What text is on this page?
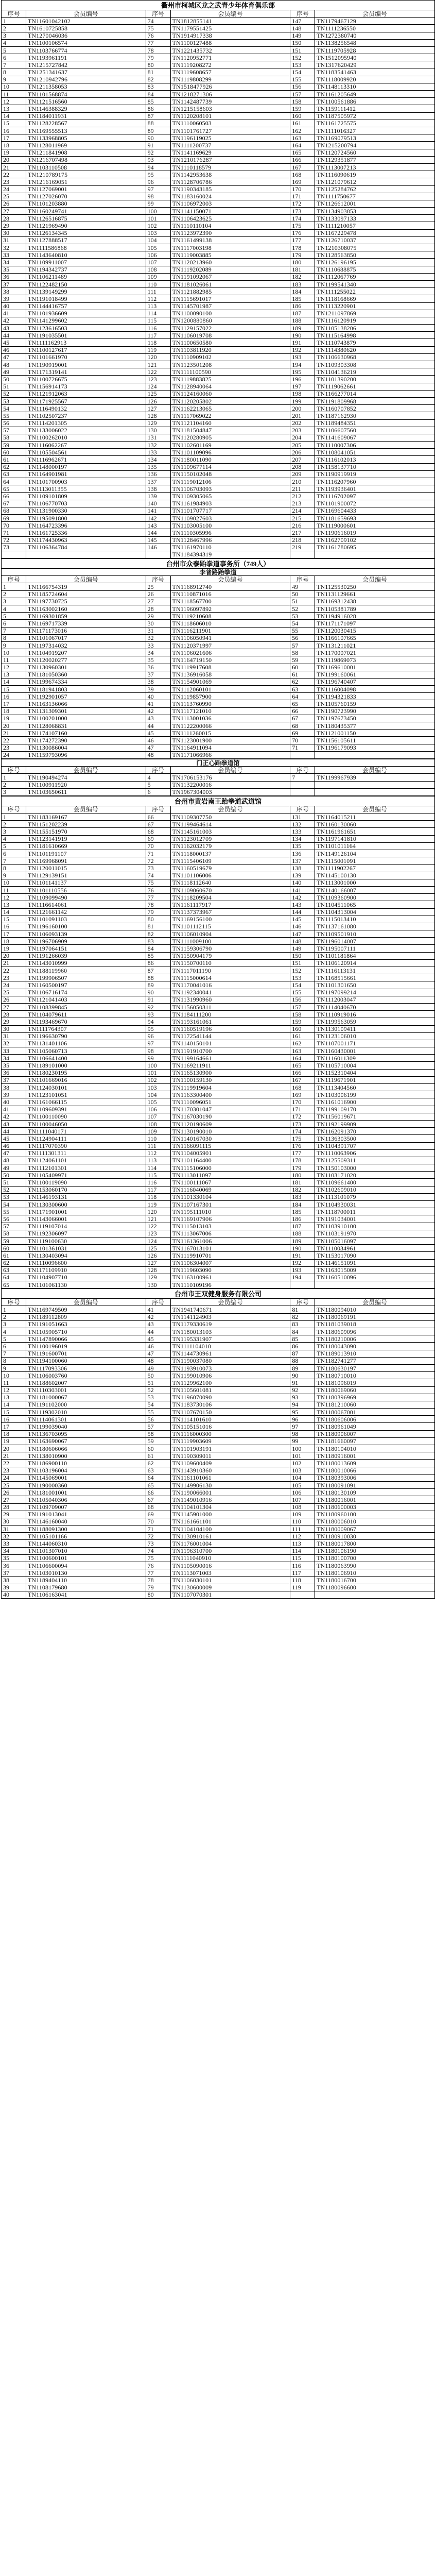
衢州市柯城区龙之武青少年体育俱乐部
序号	会员编号	序号	会员编号	序号	会员编号
1	TN11601042102	74	TN1812855141	147	TN1179467129
2	TN1610725858	75	TN1179551425	148	TN1111236550
3	TN1270046036	76	TN1914917338	149	TN1272380740
4	TN1100106574	77	TN1100127488	150	TN1138256548
5	TN1103766774	78	TN1221435732	151	TN1119705928
6	TN1193961191	79	TN1120952771	152	TN1512095940
7	TN1215727842	80	TN1119208272	153	TN1317620429
8	TN1251341637	81	TN1119608657	154	TN1183541463
9	TN1210942796	82	TN1119808299	155	TN1118009920
10	TN1211358053	83	TN1518477926	156	TN1148113310
11	TN1101568874	84	TN1218271306	157	TN1161205649
12	TN1121516560	85	TN1142487739	158	TN1100561886
13	TN1146388329	86	TN1215158603	159	TN1159111412
14	TN1184011931	87	TN1120208101	160	TN1187505972
15	TN1128228567	88	TN1110060503	161	TN1161725575
16	TN1169555513	89	TN1101761727	162	TN1111016327
17	TN1133968805	90	TN1196119025	163	TN1169079513
18	TN1128011969	91	TN1111200737	164	TN1215200794
19	TN1211841908	92	TN1141169629	165	TN1120724560
20	TN1216707498	93	TN1210176287	166	TN1129351877
21	TN1103110508	94	TN1110118579	167	TN1113007213
22	TN1210789175	95	TN1142953638	168	TN1116090619
23	TN1216169051	96	TN1128706786	169	TN1121079612
24	TN1127069001	97	TN1190343185	170	TN1125284762
25	TN1127026070	98	TN1183160024	171	TN1111750677
26	TN1101203880	99	TN1106972003	172	TN1126612001
27	TN1160249741	100	TN1141150071	173	TN1134903853
28	TN1126516875	101	TN1106423625	174	TN1133097133
29	TN1121969490	102	TN1110110104	175	TN1111210057
30	TN1126134345	103	TN1123972390	176	TN1167229478
31	TN1127888517	104	TN1161499138	177	TN1126710037
32	TN1111586868	105	TN1117003198	178	TN1210308075
33	TN1143640810	106	TN1119003885	179	TN1128563850
34	TN1109911007	107	TN1120213960	180	TN1126196195
35	TN1194342737	108	TN1119202089	181	TN1110688875
36	TN1106211489	109	TN1191092067	182	TN1112067769
37	TN1122482150	110	TN1181026061	183	TN1199541340
38	TN1139149299	111	TN1121882985	184	TN1111255022
39	TN1191018499	112	TN1115691017	185	TN1118168669
40	TN1144416757	113	TN1145701987	186	TN1113220901
41	TN1101936609	114	TN1100090100	187	TN1211097869
42	TN1141299602	115	TN1200880860	188	TN1116120919
43	TN1123616503	116	TN1129157022	189	TN1105138206
44	TN1191035501	117	TN1106019708	190	TN1115164998
45	TN1111162913	118	TN1100650580	191	TN1110743879
46	TN1100127617	119	TN1103811920	192	TN1114380620
47	TN1101661970	120	TN1110909102	193	TN1106630968
48	TN1190919001	121	TN1123501208	194	TN1109303308
49	TN1171319141	122	TN1111100590	195	TN1104136219
50	TN1100726675	123	TN1119883825	196	TN1101390200
51	TN1156914173	124	TN1128940064	197	TN1119062661
52	TN1121912063	125	TN1124160060	198	TN1166277014
53	TN1171925567	126	TN1120205802	199	TN1191809968
54	TN1116490132	127	TN1162213065	200	TN1160707852
55	TN1102507237	128	TN1117069022	201	TN1187162930
56	TN1114201305	129	TN1121104160	202	TN1189484351
57	TN1133006022	130	TN1181504847	203	TN1106607560
58	TN1100262010	131	TN1120280905	204	TN1141609067
59	TN1116062267	132	TN1102601169	205	TN1110007306
60	TN1105504561	133	TN1101109096	206	TN1108041051
61	TN1116962671	134	TN1180011090	207	TN1116102013
62	TN1148000197	135	TN1109677114	208	TN1158137710
63	TN1164901981	136	TN1150102048	209	TN1190919919
64	TN1101700903	137	TN1119012106	210	TN1116207960
65	TN1113011355	138	TN1106703093	211	TN1193936401
66	TN1109101809	139	TN1109305065	212	TN1116702097
67	TN1106770703	140	TN1161984903	213	TN1101900072
68	TN1131900330	141	TN1101707717	214	TN1169604433
69	TN1195091800	142	TN1109027603	215	TN1181659693
70	TN1164723396	143	TN1103005100	216	TN1119000601
71	TN1161725336	144	TN1110305996	217	TN1190616019
72	TN1174430963	145	TN1128467996	218	TN1162709102
73	TN1106364784	146	TN1161970110	219	TN1161780695
			TN1184394319		
台州市众泰跆拳道事务所（749人）
李普路跆拳道					
序号	会员编号	序号	会员编号	序号	会员编号
1	TN1166754319	25	TN1168912740	49	TN1125530250
2	TN1185724604	26	TN1110871016	50	TN1131129661
3	TN1197730725	27	TN1118567700	51	TN1169312438
4	TN1163002160	28	TN1196097892	52	TN1105381789
5	TN1169301859	29	TN1119210608	53	TN1194916028
6	TN1169717339	30	TN1118606010	54	TN1171171097
7	TN1171173016	31	TN1116211901	55	TN1120030415
8	TN1101067017	32	TN1106050941	56	TN1166107665
9	TN1197314032	33	TN1120371997	57	TN1131211021
10	TN1104919207	34	TN1106021606	58	TN1170007021
11	TN1120020277	35	TN1164719150	59	TN1119869073
12	TN1130960301	36	TN1119917608	60	TN1169610001
13	TN1181050360	37	TN1136916058	61	TN1199160061
14	TN1199674334	38	TN1154901069	62	TN1196740407
15	TN1181941803	39	TN1112060101	63	TN1116004098
16	TN1192901057	40	TN1119857900	64	TN1194321833
17	TN1163136066	41	TN1113760990	65	TN1105760159
18	TN1131309301	42	TN1117121010	66	TN1190723990
19	TN1100201000	43	TN1113001036	67	TN1197673450
20	TN1128068831	44	TN1122200066	68	TN1180435377
21	TN1174107160	45	TN1111260015	69	TN1121001150
22	TN1174272390	46	TN1123001900	70	TN1156105611
23	TN1130086004	47	TN1164911094	71	TN1196179093
24	TN1159793096	48	TN1171066966		
门正心跆拳道馆					
序号	会员编号	序号	会员编号	序号	会员编号
1	TN1190494274	4	TN1706153176	7	TN1199967939
2	TN1100911920	5	TN1132200016		
3	TN1103650611	6	TN1967304003		
台州市黄岩南王跆拳道武道馆
序号	会员编号	序号	会员编号	序号	会员编号
1	TN1183169167	66	TN1109307750	131	TN1164015211
2	TN1151202239	67	TN1199464614	132	TN1160130060
3	TN1155151970	68	TN1145161003	133	TN1161961651
4	TN1123141919	69	TN1123012709	134	TN1197141810
5	TN1181610669	70	TN1162032179	135	TN1101011164
6	TN1101191107	71	TN1118000137	136	TN1149126104
7	TN1169968091	72	TN1115406109	137	TN1115001091
8	TN1120011015	73	TN1160519679	138	TN1111902267
9	TN1129139151	74	TN1101106006	139	TN1145100130
10	TN1101141137	75	TN1118112640	140	TN1113001000
11	TN1101110556	76	TN1109060670	141	TN1140166007
12	TN1109099490	77	TN1118209504	142	TN1109360900
13	TN1116614061	78	TN1161117917	143	TN1104511065
14	TN1121661142	79	TN1137373967	144	TN1104313004
15	TN1101091103	80	TN1169156100	145	TN1115013410
16	TN1196160100	81	TN1101112115	146	TN1137161080
17	TN1106093139	82	TN1106010904	147	TN1109501910
18	TN1196706909	83	TN1111009100	148	TN1196014007
19	TN1197064151	84	TN1159306790	149	TN1195007111
20	TN1191266039	85	TN1150904179	150	TN1101181864
21	TN1143010999	86	TN1150700110	151	TN1106120914
22	TN1188119960	87	TN1117011190	152	TN1116113131
23	TN1199906507	88	TN1115000614	153	TN1168515661
24	TN1160500197	89	TN1170041016	154	TN1101301650
25	TN1106716174	90	TN1192340041	155	TN1197099214
26	TN1121041403	91	TN1131990960	156	TN1112003047
27	TN1108399845	92	TN1156050311	157	TN1114040670
28	TN1104079611	93	TN1184111200	158	TN1110919016
29	TN1193469670	94	TN1193161061	159	TN1199563059
30	TN1111764307	95	TN1160519196	160	TN1130109411
31	TN1196630790	96	TN1172541144	161	TN1123106010
32	TN1131401106	97	TN1140150101	162	TN1107001171
33	TN1105060713	98	TN1191910700	163	TN1160430001
34	TN1106641400	99	TN1199164661	164	TN1116011309
35	TN1189101000	100	TN1169211911	165	TN1105710004
36	TN1180230195	101	TN1165130900	166	TN1152310404
37	TN1101669016	102	TN1100159130	167	TN1119671901
38	TN1124030101	103	TN1119919604	168	TN1113404560
39	TN1123101051	104	TN1163300400	169	TN1103006199
40	TN1161066115	105	TN1110096051	170	TN1161016900
41	TN1109609391	106	TN1170301047	171	TN1199109170
42	TN1100110090	107	TN1167030190	172	TN1156019671
43	TN1100046050	108	TN1120190609	173	TN1192199909
44	TN1111040171	109	TN1130190010	174	TN1162091370
45	TN1124904111	110	TN1140167030	175	TN1136303500
46	TN1117070390	111	TN1166091115	176	TN1104391707
47	TN1111301311	112	TN1104005901	177	TN1110063906
48	TN1124061101	113	TN1101164400	178	TN1125509311
49	TN1112101301	114	TN1115106000	179	TN1150103000
50	TN1105409971	115	TN1113011097	180	TN1103171020
51	TN1100119090	116	TN1100111067	181	TN1109661400
52	TN1153060170	117	TN1116040069	182	TN1102609010
53	TN1146193131	118	TN1101330104	183	TN1113101079
54	TN1130300600	119	TN1107167301	184	TN1104930031
55	TN1171901001	120	TN1195111010	185	TN1118700011
56	TN1143066001	121	TN1169107906	186	TN1191034001
57	TN1119107014	122	TN1115013103	187	TN1103910100
58	TN1192306097	123	TN1113067006	188	TN1103191970
59	TN1119100630	124	TN1161361006	189	TN1105016097
60	TN1101361031	125	TN1167013101	190	TN1110034961
61	TN1130403094	126	TN1119910701	191	TN1153017090
62	TN1110096600	127	TN1106304007	192	TN1146151091
63	TN1171109910	128	TN1119603090	193	TN1163015009
64	TN1104907710	129	TN1163100961	194	TN1160510096
65	TN1101061130	130	TN1110109196		
台州市王双健身服务有限公司
序号	会员编号	序号	会员编号	序号	会员编号
1	TN1169749509	41	TN1941740671	81	TN1180094010
2	TN1189112809	42	TN1141124903	82	TN1180069191
3	TN1191051663	43	TN1179330619	83	TN1181039018
4	TN1105905710	44	TN1180013103	84	TN1180609096
5	TN1147890066	45	TN1195331907	85	TN1180210006
6	TN1100196019	46	TN1111104010	86	TN1180043090
7	TN1191600701	47	TN1144730961	87	TN1189013910
8	TN1194100060	48	TN1190037080	88	TN1182741277
9	TN1117093306	49	TN1193910073	89	TN1180630197
10	TN1106003760	50	TN1199010906	90	TN1180710010
11	TN1188602007	51	TN1129962100	91	TN1181096019
12	TN1110303001	52	TN1105601081	92	TN1180069060
13	TN1181000067	53	TN1196070090	93	TN1180396969
14	TN1191102000	54	TN1183730106	94	TN1181210060
15	TN1119302010	55	TN1107670150	95	TN1180067001
16	TN1114061301	56	TN1114101610	96	TN1180606006
17	TN1199039040	57	TN1105151016	97	TN1180961049
18	TN1136703095	58	TN1116000300	98	TN1180906007
19	TN1163690067	59	TN1119903609	99	TN1181660097
20	TN1180606066	60	TN1101903191	100	TN1180104010
21	TN1138010900	61	TN1190309011	101	TN1180916001
22	TN1186900110	62	TN1109600409	102	TN1180013609
23	TN1103196004	63	TN1143910360	103	TN1180010066
24	TN1145069001	64	TN1161101061	104	TN1180393006
25	TN1190000360	65	TN1149906130	105	TN1180091091
26	TN1181001001	66	TN1190066001	106	TN1180130109
27	TN1105040306	67	TN1149010916	107	TN1180016001
28	TN1109709007	68	TN1104101304	108	TN1180600003
29	TN1191013041	69	TN1145901000	109	TN1180960100
30	TN1146160040	70	TN1161661101	110	TN1180006010
31	TN1188091300	71	TN1104104100	111	TN1180009067
32	TN1105101166	72	TN1130910161	112	TN1180910030
33	TN1144060310	73	TN1176001004	113	TN1180017800
34	TN1101307010	74	TN1196310700	114	TN1180106190
35	TN1100600101	75	TN1111040910	115	TN1180100700
36	TN1106600094	76	TN1105090016	116	TN1180063990
37	TN1103010130	77	TN1113071003	117	TN1180106910
38	TN1189404110	78	TN1106030101	118	TN1180016700
39	TN1108179680	79	TN1130600009	119	TN1180096600
40	TN1106163041	80	TN1107070301		
